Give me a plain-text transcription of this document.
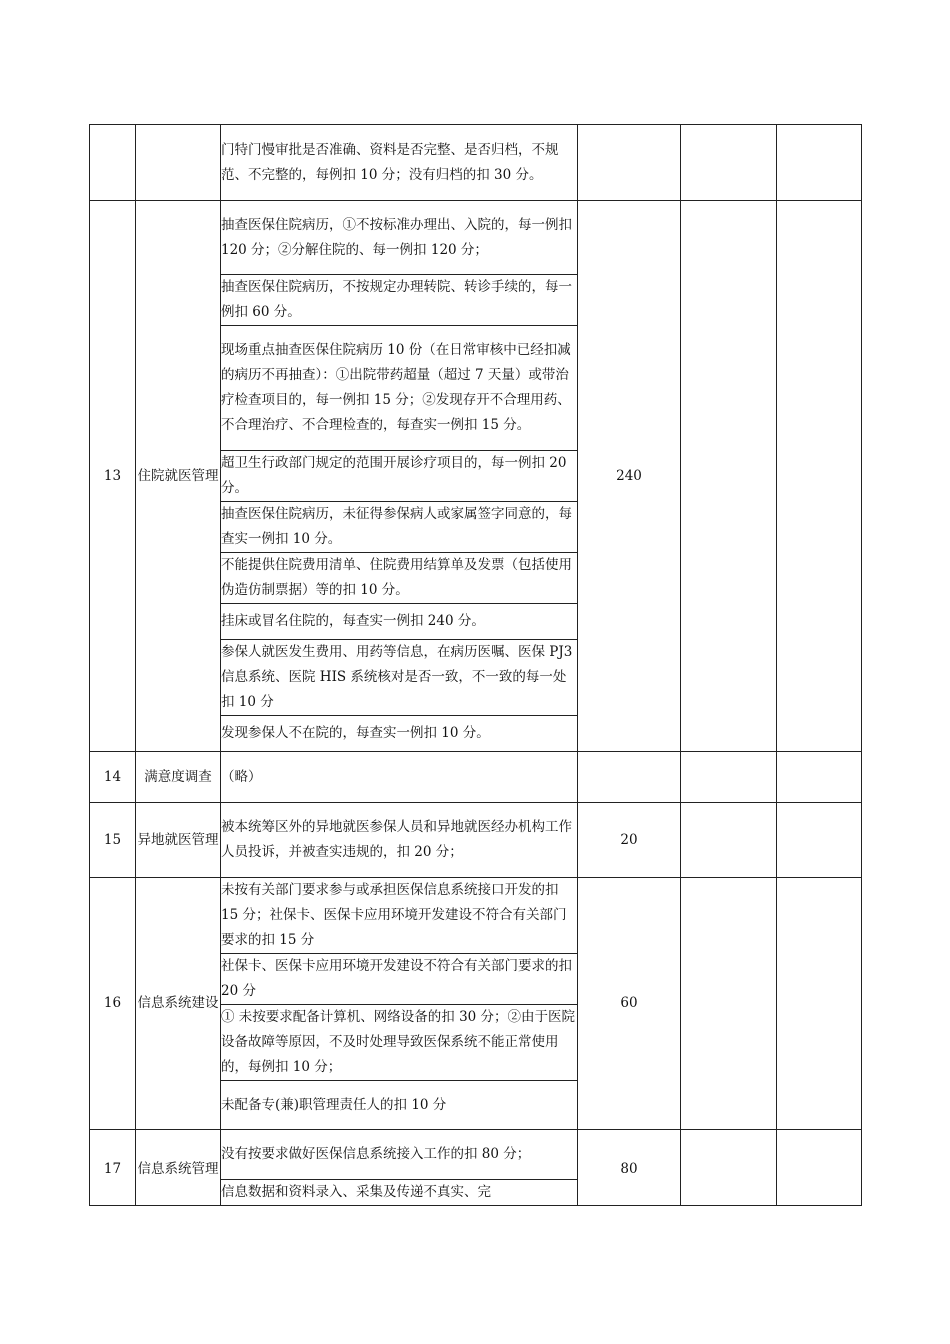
		门特门慢审批是否准确、资料是否完整、是否归档，不规范、不完整的，每例扣 10 分；没有归档的扣 30 分。			
13	住院就医管理	抽查医保住院病历，①不按标准办理出、入院的，每一例扣 120 分；②分解住院的、每一例扣 120 分；	240		
		抽查医保住院病历，不按规定办理转院、转诊手续的，每一例扣 60 分。			
		现场重点抽查医保住院病历 10 份（在日常审核中已经扣减的病历不再抽查）：①出院带药超量（超过 7 天量）或带治疗检查项目的，每一例扣 15 分；②发现存开不合理用药、不合理治疗、不合理检查的，每查实一例扣 15 分。			
		超卫生行政部门规定的范围开展诊疗项目的，每一例扣 20 分。			
		抽查医保住院病历，未征得参保病人或家属签字同意的，每查实一例扣 10 分。			
		不能提供住院费用清单、住院费用结算单及发票（包括使用伪造仿制票据）等的扣 10 分。			
		挂床或冒名住院的，每查实一例扣 240 分。			
		参保人就医发生费用、用药等信息，在病历医嘱、医保 PJ3 信息系统、医院 HIS 系统核对是否一致，不一致的每一处扣 10 分			
		发现参保人不在院的，每查实一例扣 10 分。			
14	满意度调查	（略）			
15	异地就医管理	被本统筹区外的异地就医参保人员和异地就医经办机构工作人员投诉，并被查实违规的，扣 20 分；	20		
16	信息系统建设	未按有关部门要求参与或承担医保信息系统接口开发的扣 15 分；社保卡、医保卡应用环境开发建设不符合有关部门要求的扣 15 分	60		
		社保卡、医保卡应用环境开发建设不符合有关部门要求的扣 20 分			
		① 未按要求配备计算机、网络设备的扣 30 分；②由于医院设备故障等原因，不及时处理导致医保系统不能正常使用的，每例扣 10 分；			
		未配备专(兼)职管理责任人的扣 10 分			
17	信息系统管理	没有按要求做好医保信息系统接入工作的扣 80 分；	80		
		信息数据和资料录入、采集及传递不真实、完			
